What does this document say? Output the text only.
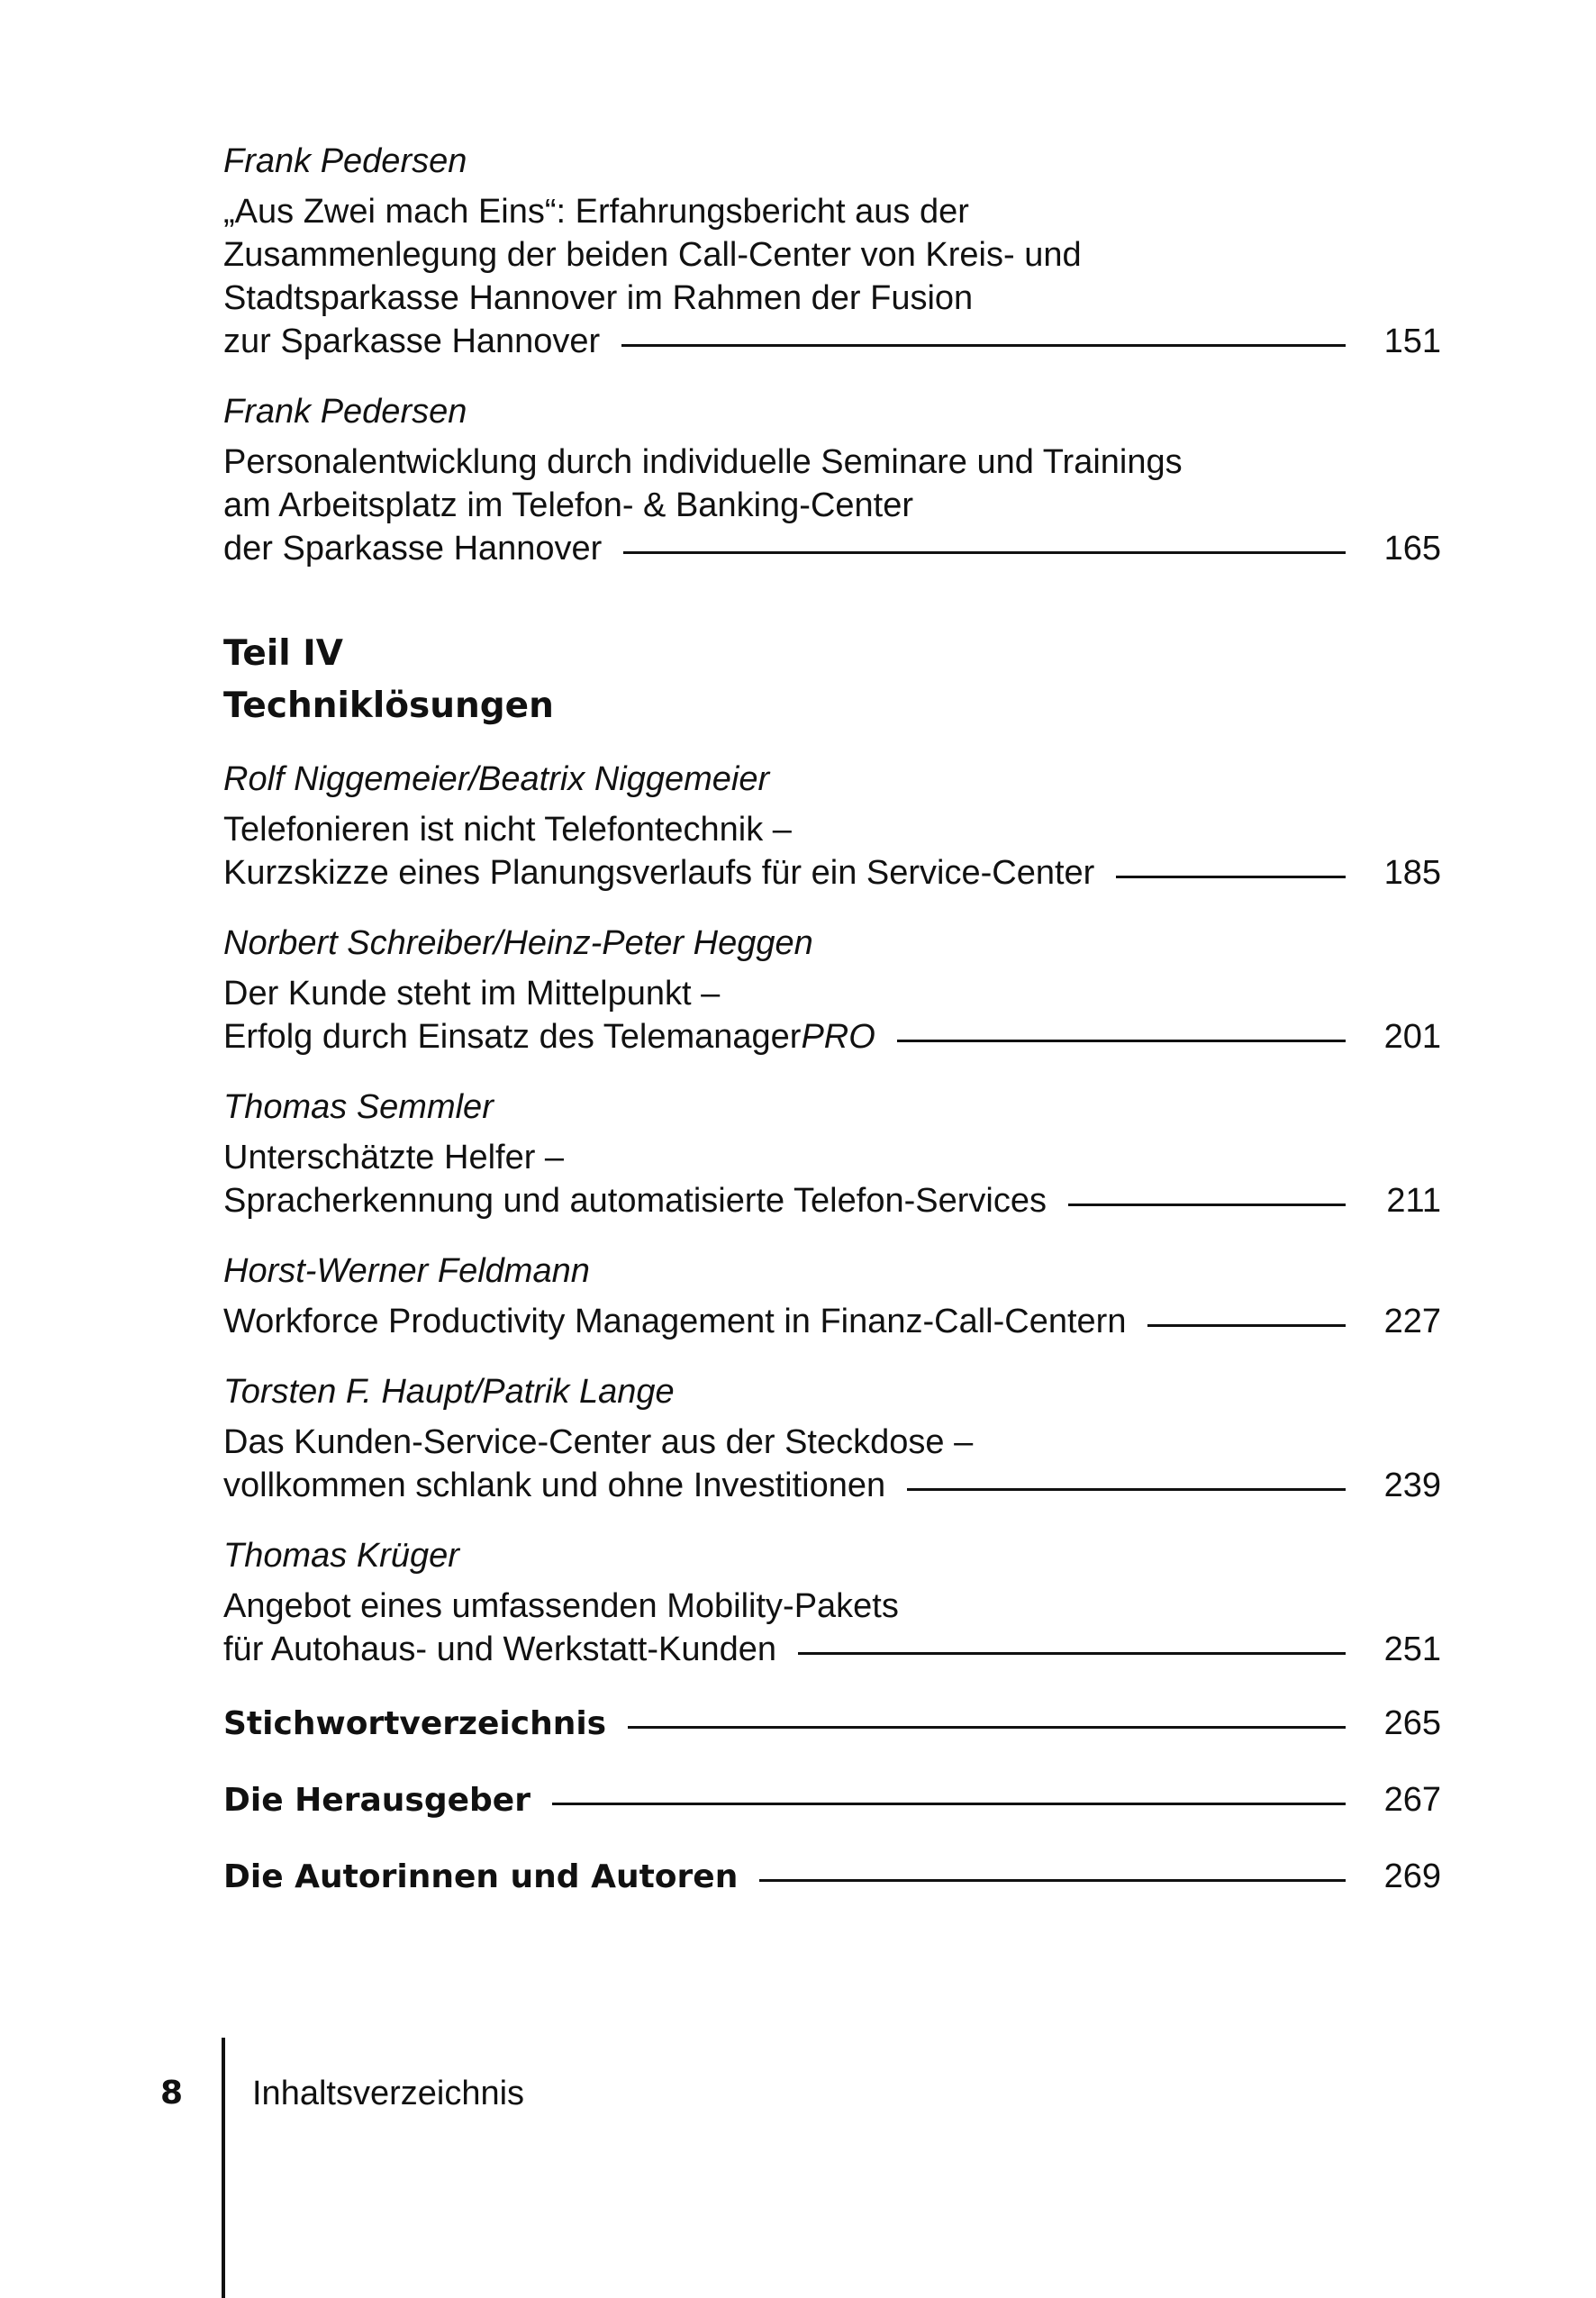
Frank Pedersen
„Aus Zwei mach Eins“: Erfahrungsbericht aus der
Zusammenlegung der beiden Call-Center von Kreis- und
Stadtsparkasse Hannover im Rahmen der Fusion
zur Sparkasse Hannover	151
Frank Pedersen
Personalentwicklung durch individuelle Seminare und Trainings
am Arbeitsplatz im Telefon- & Banking-Center
der Sparkasse Hannover	165
Teil IV
Techniklösungen
Rolf Niggemeier/Beatrix Niggemeier
Telefonieren ist nicht Telefontechnik –
Kurzskizze eines Planungsverlaufs für ein Service-Center	185
Norbert Schreiber/Heinz-Peter Heggen
Der Kunde steht im Mittelpunkt –
Erfolg durch Einsatz des TelemanagerPRO	201
Thomas Semmler
Unterschätzte Helfer –
Spracherkennung und automatisierte Telefon-Services	211
Horst-Werner Feldmann
Workforce Productivity Management in Finanz-Call-Centern	227
Torsten F. Haupt/Patrik Lange
Das Kunden-Service-Center aus der Steckdose –
vollkommen schlank und ohne Investitionen	239
Thomas Krüger
Angebot eines umfassenden Mobility-Pakets
für Autohaus- und Werkstatt-Kunden	251
Stichwortverzeichnis	265
Die Herausgeber	267
Die Autorinnen und Autoren	269
8 Inhaltsverzeichnis
